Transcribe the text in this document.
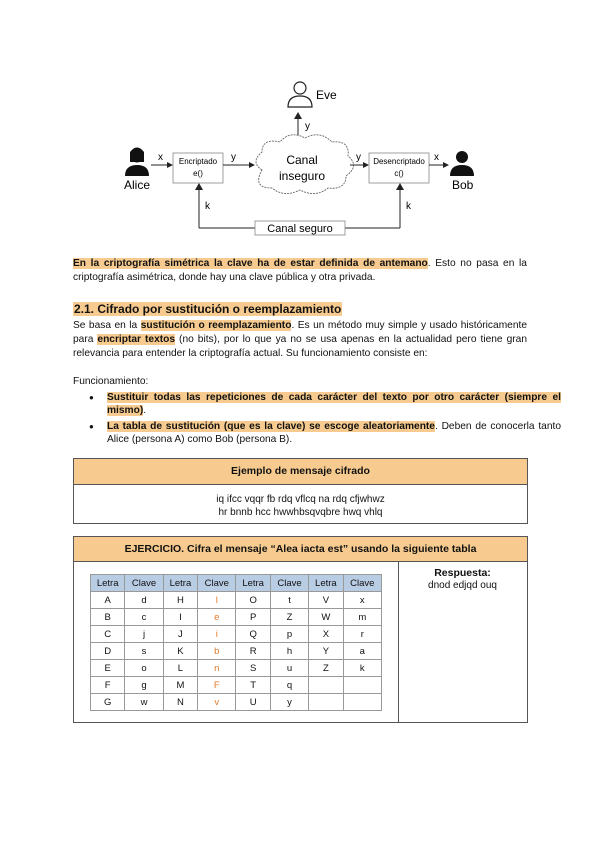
Eve
y
Alice
x Encriptado
e()
y	Canal
inseguro
y Desencriptado
c()
x
Bob
Canal seguro
k	k
En la criptografía simétrica la clave ha de estar definida de antemano. Esto no pasa en la criptografía asimétrica, donde hay una clave pública y otra privada.
2.1. Cifrado por sustitución o reemplazamiento
Se basa en la sustitución o reemplazamiento. Es un método muy simple y usado históricamente para encriptar textos (no bits), por lo que ya no se usa apenas en la actualidad pero tiene gran relevancia para entender la criptografía actual. Su funcionamiento consiste en:
Funcionamiento:
● Sustituir todas las repeticiones de cada carácter del texto por otro carácter (siempre el mismo).
● La tabla de sustitución (que es la clave) se escoge aleatoriamente. Deben de conocerla tanto Alice (persona A) como Bob (persona B).
Ejemplo de mensaje cifrado
iq ifcc vqqr fb rdq vflcq na rdq cfjwhwz
hr bnnb hcc hwwhbsqvqbre hwq vhlq
EJERCICIO. Cifra el mensaje “Alea iacta est” usando la siguiente tabla
Letra	Clave	Letra	Clave	Letra	Clave	Letra	Clave
A	d	H	l	O	t	V	x
B	c	I	e	P	Z	W	m
C	j	J	i	Q	p	X	r
D	s	K	b	R	h	Y	a
E	o	L	n	S	u	Z	k
F	g	M	F	T	q		
G	w	N	v	U	y		
Respuesta:
dnod edjqd ouq
